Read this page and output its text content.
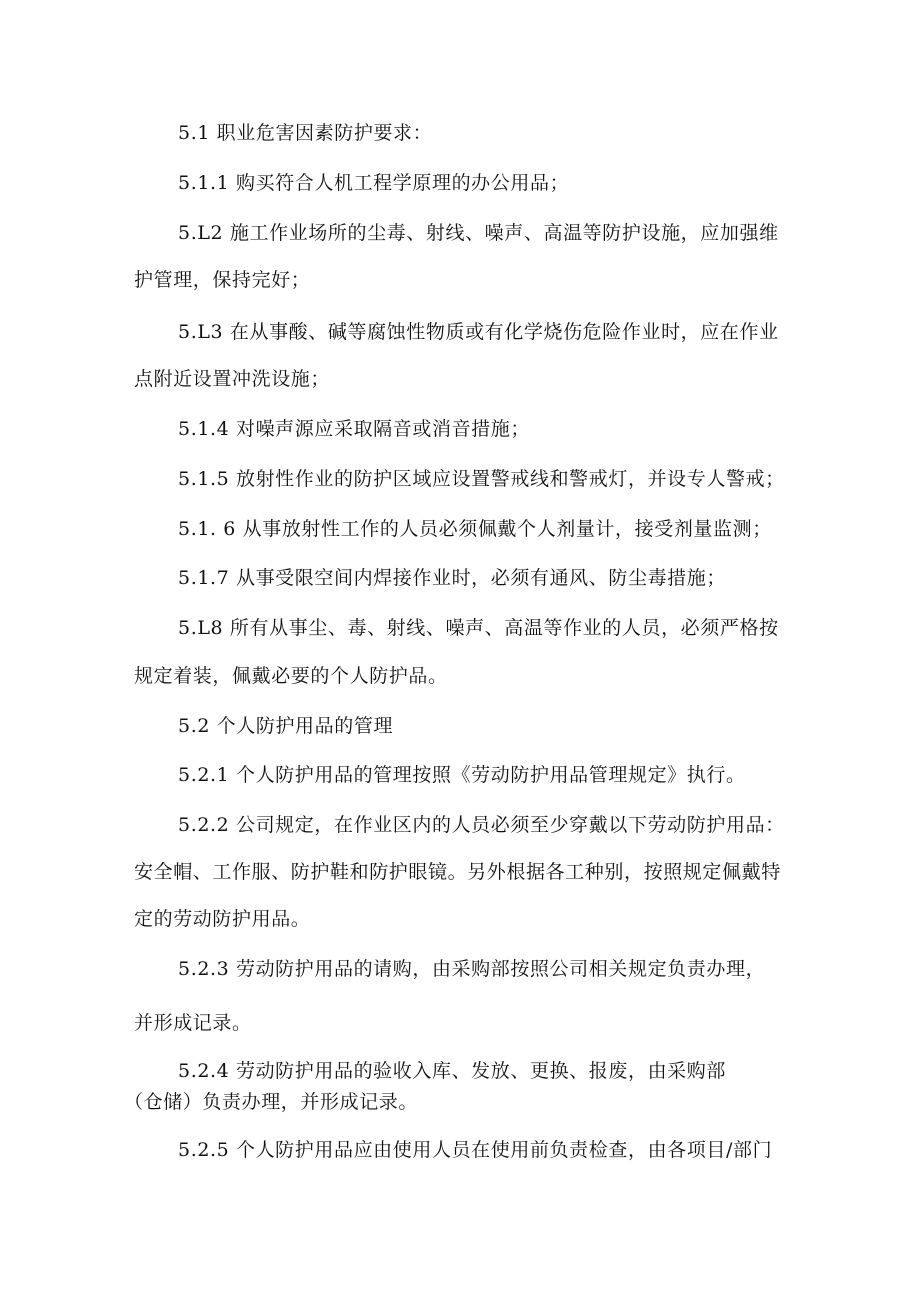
5.1 职业危害因素防护要求：
5.1.1 购买符合人机工程学原理的办公用品；
5.L2 施工作业场所的尘毒、射线、噪声、高温等防护设施，应加强维
护管理，保持完好；
5.L3 在从事酸、碱等腐蚀性物质或有化学烧伤危险作业时，应在作业
点附近设置冲洗设施；
5.1.4 对噪声源应采取隔音或消音措施；
5.1.5 放射性作业的防护区域应设置警戒线和警戒灯，并设专人警戒；
5.1. 6 从事放射性工作的人员必须佩戴个人剂量计，接受剂量监测；
5.1.7 从事受限空间内焊接作业时，必须有通风、防尘毒措施；
5.L8 所有从事尘、毒、射线、噪声、高温等作业的人员，必须严格按
规定着装，佩戴必要的个人防护品。
5.2 个人防护用品的管理
5.2.1 个人防护用品的管理按照《劳动防护用品管理规定》执行。
5.2.2 公司规定，在作业区内的人员必须至少穿戴以下劳动防护用品：
安全帽、工作服、防护鞋和防护眼镜。另外根据各工种别，按照规定佩戴特
定的劳动防护用品。
5.2.3 劳动防护用品的请购，由采购部按照公司相关规定负责办理，
并形成记录。
5.2.4 劳动防护用品的验收入库、发放、更换、报废，由采购部
（仓储）负责办理，并形成记录。
5.2.5 个人防护用品应由使用人员在使用前负责检查，由各项目/部门
